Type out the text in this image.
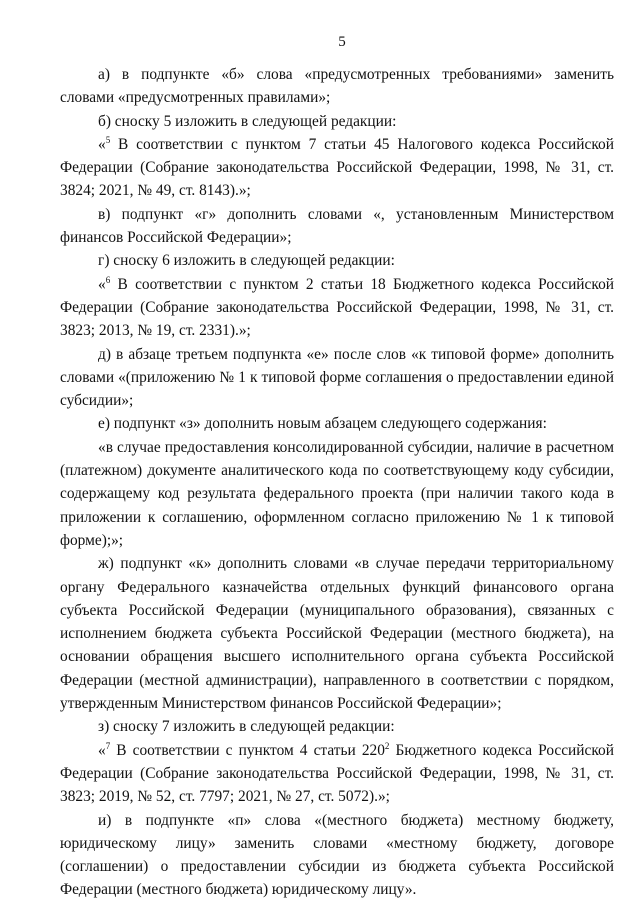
5

а) в подпункте «б» слова «предусмотренных требованиями» заменить словами «предусмотренных правилами»;

б) сноску 5 изложить в следующей редакции:

«$^5$ В соответствии с пунктом 7 статьи 45 Налогового кодекса Российской Федерации (Собрание законодательства Российской Федерации, 1998, № 31, ст. 3824; 2021, № 49, ст. 8143).»;

в) подпункт «г» дополнить словами «, установленным Министерством финансов Российской Федерации»;

г) сноску 6 изложить в следующей редакции:

«$^6$ В соответствии с пунктом 2 статьи 18 Бюджетного кодекса Российской Федерации (Собрание законодательства Российской Федерации, 1998, № 31, ст. 3823; 2013, № 19, ст. 2331).»;

д) в абзаце третьем подпункта «е» после слов «к типовой форме» дополнить словами «(приложению № 1 к типовой форме соглашения о предоставлении единой субсидии»;

е) подпункт «з» дополнить новым абзацем следующего содержания:

«в случае предоставления консолидированной субсидии, наличие в расчетном (платежном) документе аналитического кода по соответствующему коду субсидии, содержащему код результата федерального проекта (при наличии такого кода в приложении к соглашению, оформленном согласно приложению № 1 к типовой форме);»;

ж) подпункт «к» дополнить словами «в случае передачи территориальному органу Федерального казначейства отдельных функций финансового органа субъекта Российской Федерации (муниципального образования), связанных с исполнением бюджета субъекта Российской Федерации (местного бюджета), на основании обращения высшего исполнительного органа субъекта Российской Федерации (местной администрации), направленного в соответствии с порядком, утвержденным Министерством финансов Российской Федерации»;

з) сноску 7 изложить в следующей редакции:

«$^7$ В соответствии с пунктом 4 статьи $220^2$ Бюджетного кодекса Российской Федерации (Собрание законодательства Российской Федерации, 1998, № 31, ст. 3823; 2019, № 52, ст. 7797; 2021, № 27, ст. 5072).»;

и) в подпункте «п» слова «(местного бюджета) местному бюджету, юридическому лицу» заменить словами «местному бюджету, договоре (соглашении) о предоставлении субсидии из бюджета субъекта Российской Федерации (местного бюджета) юридическому лицу».
